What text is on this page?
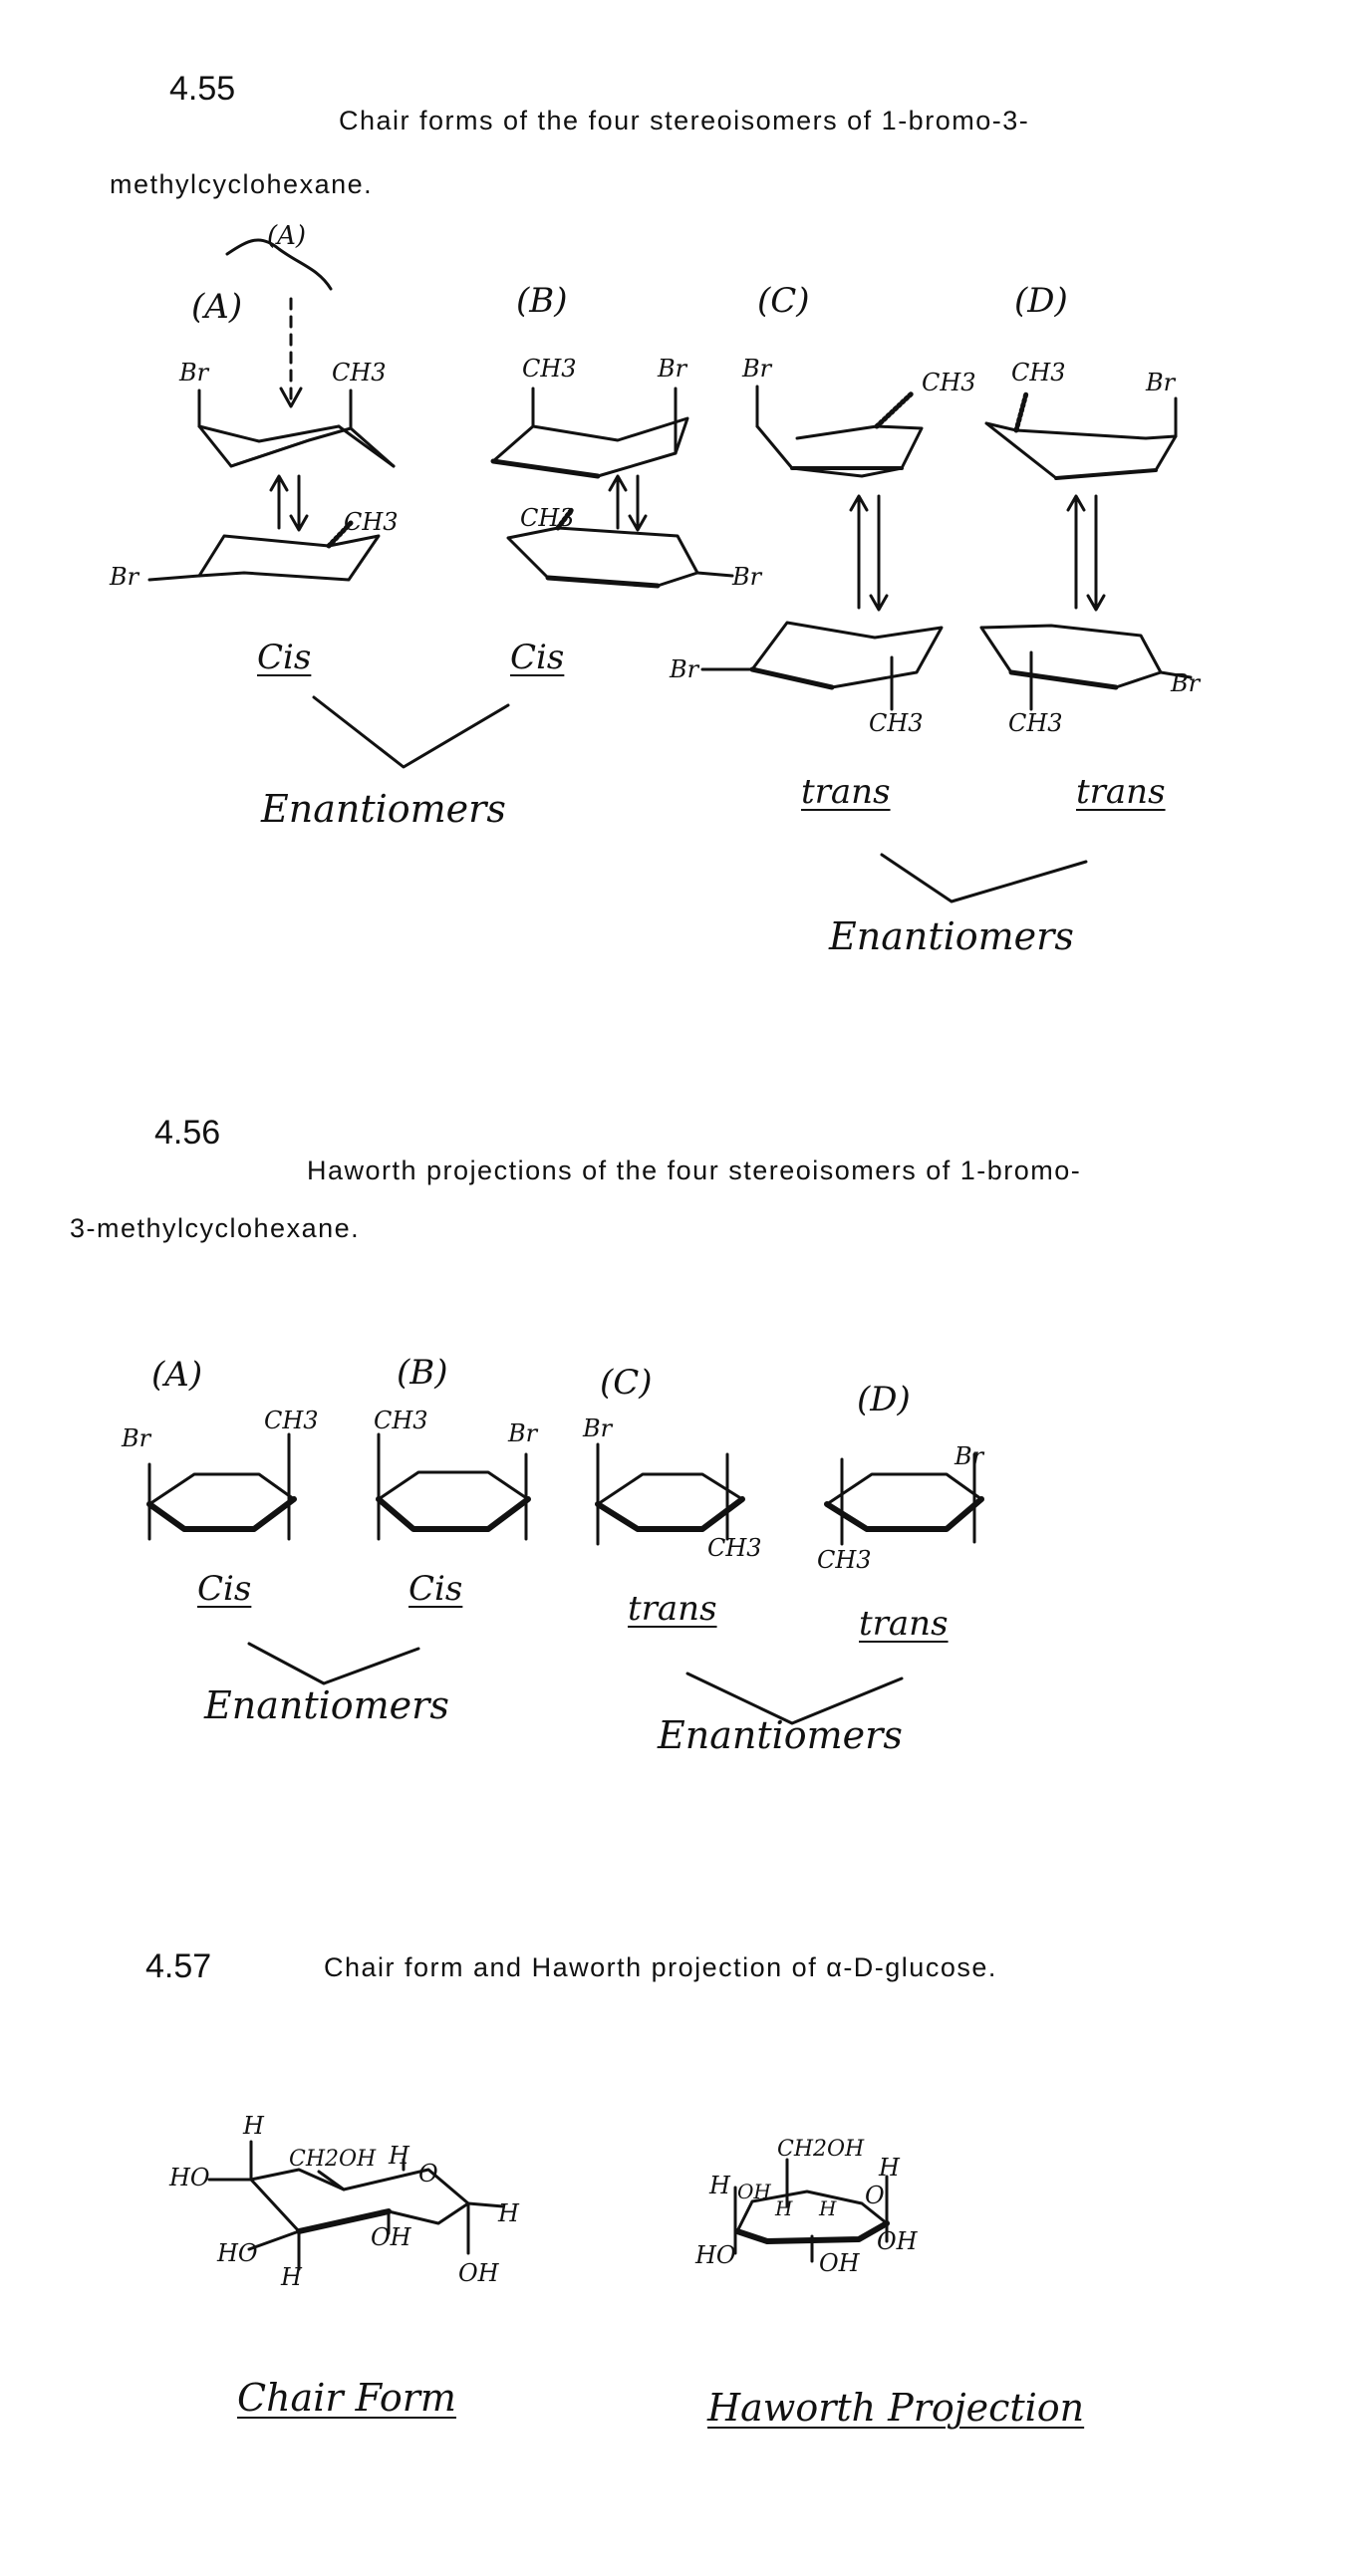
4.55
Chair forms of the four stereoisomers of 1-bromo-3-
methylcyclohexane.
(A)
(A)	(B)	(C)	(D)
Br	CH3	CH3	Br Br	CH3 CH3	Br
CH3
Br
CH3
Br
Br
CH3	CH3
Br
Cis	Cis
trans	trans
Enantiomers
Enantiomers
4.56
Haworth projections of the four stereoisomers of 1-bromo-
3-methylcyclohexane.
(A)	(B)	(C)	(D)
Br
CH3 CH3	Br Br
CH3 CH3
Br
Cis	Cis	trans	trans
Enantiomers
Enantiomers
4.57	Chair form and Haworth projection of α-D-glucose.
H
HO
CH2OH H
O
H
HO
OH
H	OH
CH2OH
H
H OH
H H O
HO	OH
OH
Chair Form	Haworth Projection
